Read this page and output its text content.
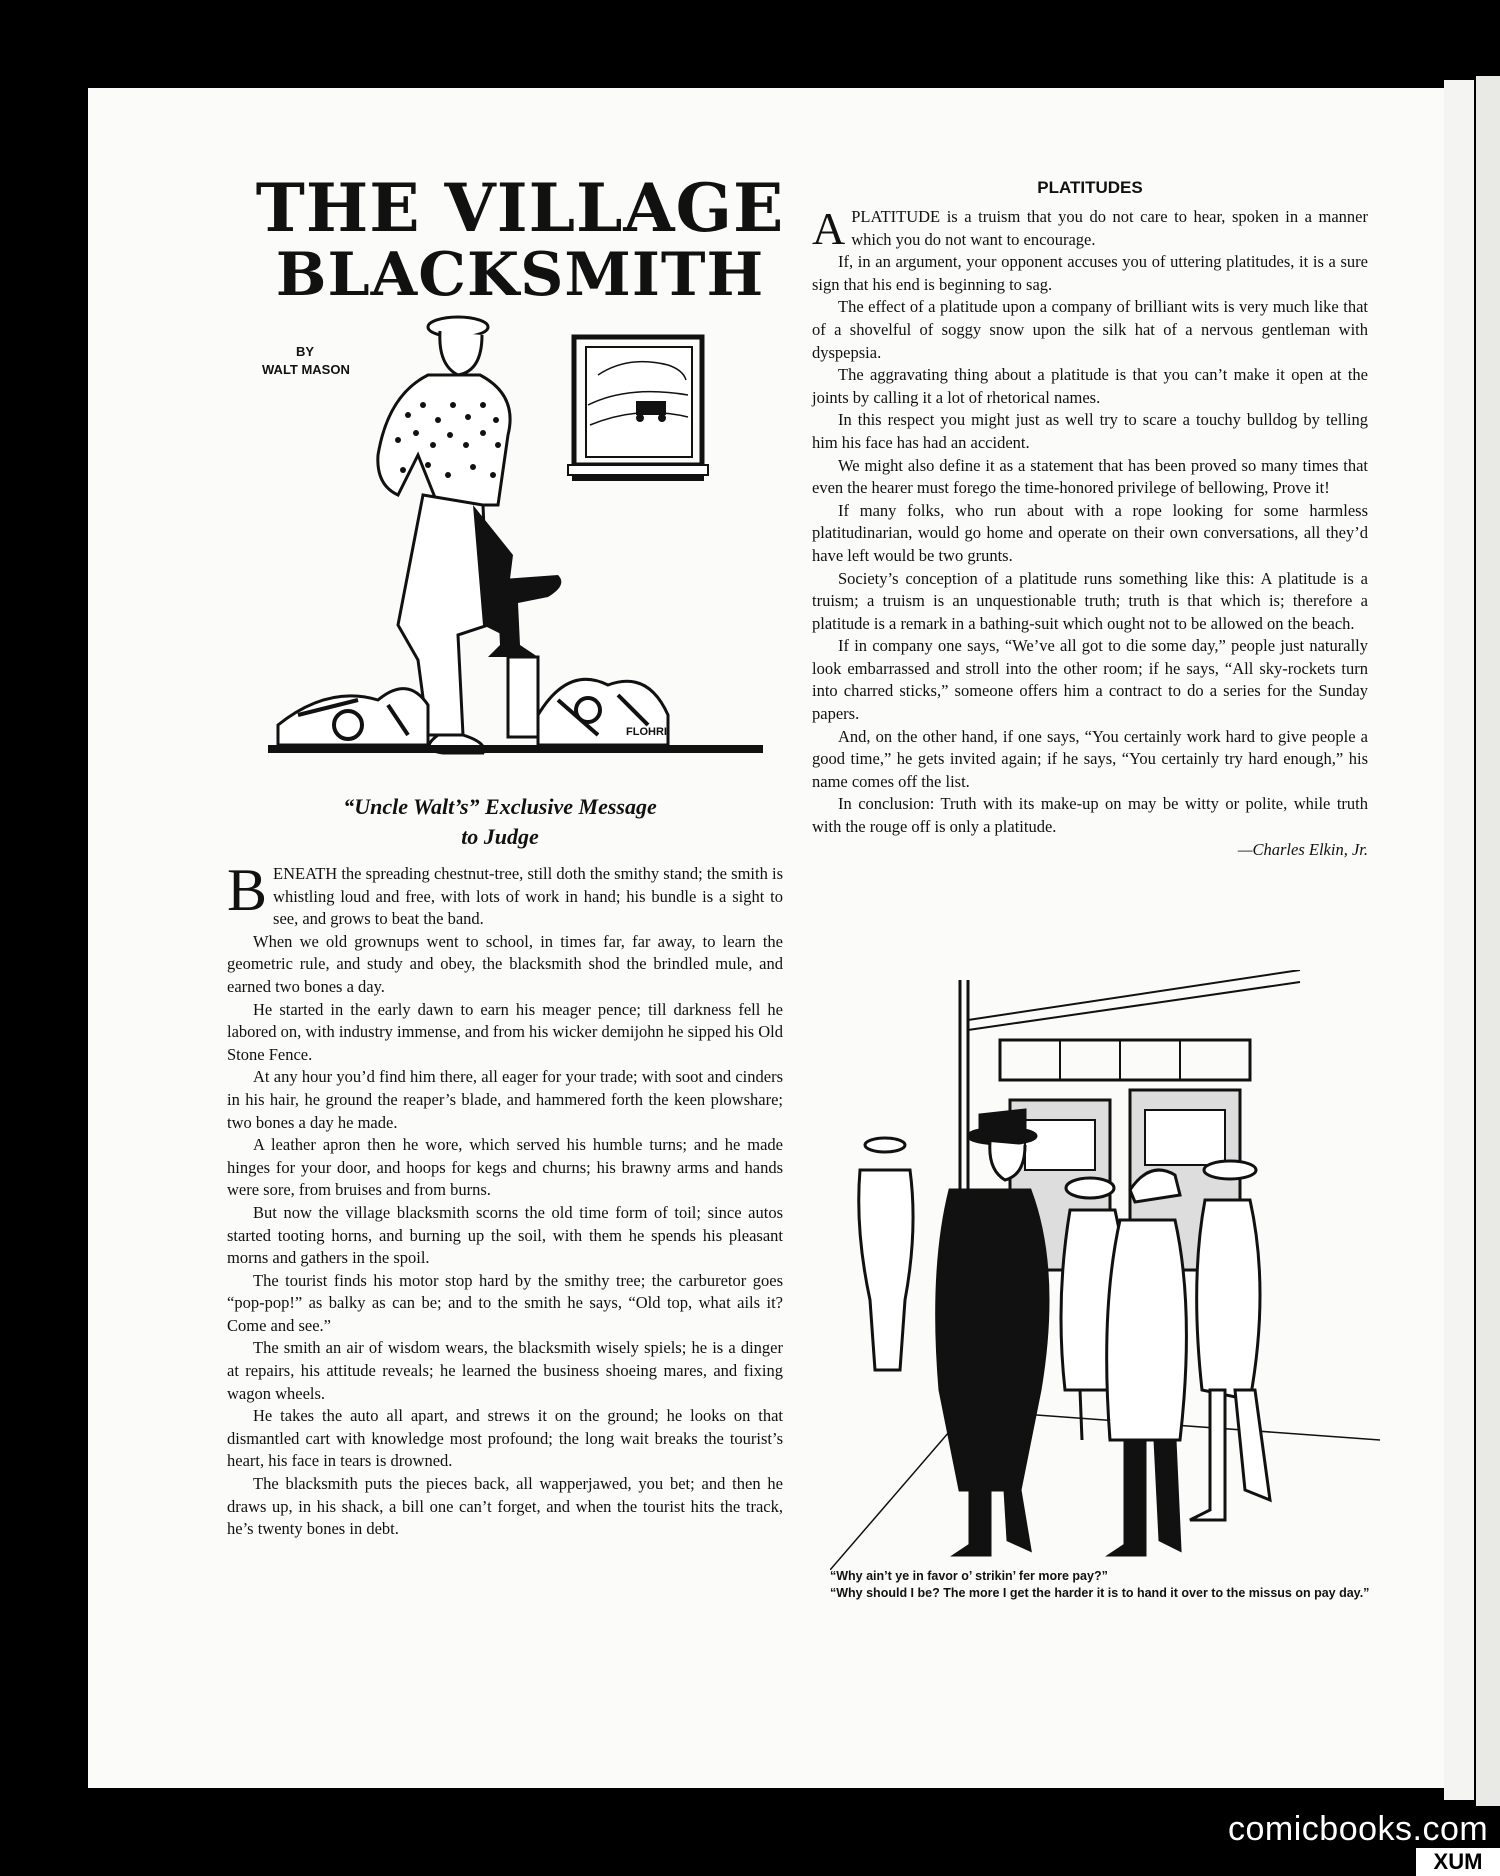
THE VILLAGE
BLACKSMITH
FLOHRI
BY
WALT MASON
“Uncle Walt’s” Exclusive Message
to Judge

BENEATH the spreading chestnut-tree, still doth the smithy stand; the smith is whistling loud and free, with lots of work in hand; his bundle is a sight to see, and grows to beat the band.

When we old grownups went to school, in times far, far away, to learn the geometric rule, and study and obey, the blacksmith shod the brindled mule, and earned two bones a day.

He started in the early dawn to earn his meager pence; till darkness fell he labored on, with industry immense, and from his wicker demijohn he sipped his Old Stone Fence.

At any hour you’d find him there, all eager for your trade; with soot and cinders in his hair, he ground the reaper’s blade, and hammered forth the keen plowshare; two bones a day he made.

A leather apron then he wore, which served his humble turns; and he made hinges for your door, and hoops for kegs and churns; his brawny arms and hands were sore, from bruises and from burns.

But now the village blacksmith scorns the old time form of toil; since autos started tooting horns, and burning up the soil, with them he spends his pleasant morns and gathers in the spoil.

The tourist finds his motor stop hard by the smithy tree; the carburetor goes “pop-pop!” as balky as can be; and to the smith he says, “Old top, what ails it? Come and see.”

The smith an air of wisdom wears, the blacksmith wisely spiels; he is a dinger at repairs, his attitude reveals; he learned the business shoeing mares, and fixing wagon wheels.

He takes the auto all apart, and strews it on the ground; he looks on that dismantled cart with knowledge most profound; the long wait breaks the tourist’s heart, his face in tears is drowned.

The blacksmith puts the pieces back, all wapperjawed, you bet; and then he draws up, in his shack, a bill one can’t forget, and when the tourist hits the track, he’s twenty bones in debt.

PLATITUDES

APLATITUDE is a truism that you do not care to hear, spoken in a manner which you do not want to encourage.

If, in an argument, your opponent accuses you of uttering platitudes, it is a sure sign that his end is beginning to sag.

The effect of a platitude upon a company of brilliant wits is very much like that of a shovelful of soggy snow upon the silk hat of a nervous gentleman with dyspepsia.

The aggravating thing about a platitude is that you can’t make it open at the joints by calling it a lot of rhetorical names.

In this respect you might just as well try to scare a touchy bulldog by telling him his face has had an accident.

We might also define it as a statement that has been proved so many times that even the hearer must forego the time-honored privilege of bellowing, Prove it!

If many folks, who run about with a rope looking for some harmless platitudinarian, would go home and operate on their own conversations, all they’d have left would be two grunts.

Society’s conception of a platitude runs something like this: A platitude is a truism; a truism is an unquestionable truth; truth is that which is; therefore a platitude is a remark in a bathing-suit which ought not to be allowed on the beach.

If in company one says, “We’ve all got to die some day,” people just naturally look embarrassed and stroll into the other room; if he says, “All sky-rockets turn into charred sticks,” someone offers him a contract to do a series for the Sunday papers.

And, on the other hand, if one says, “You certainly work hard to give people a good time,” he gets invited again; if he says, “You certainly try hard enough,” his name comes off the list.

In conclusion: Truth with its make-up on may be witty or polite, while truth with the rouge off is only a platitude.

—Charles Elkin, Jr.

“Why ain’t ye in favor o’ strikin’ fer more pay?”

“Why should I be? The more I get the harder it is to hand it over to the missus on pay day.”

comicbooks.com
XUM
